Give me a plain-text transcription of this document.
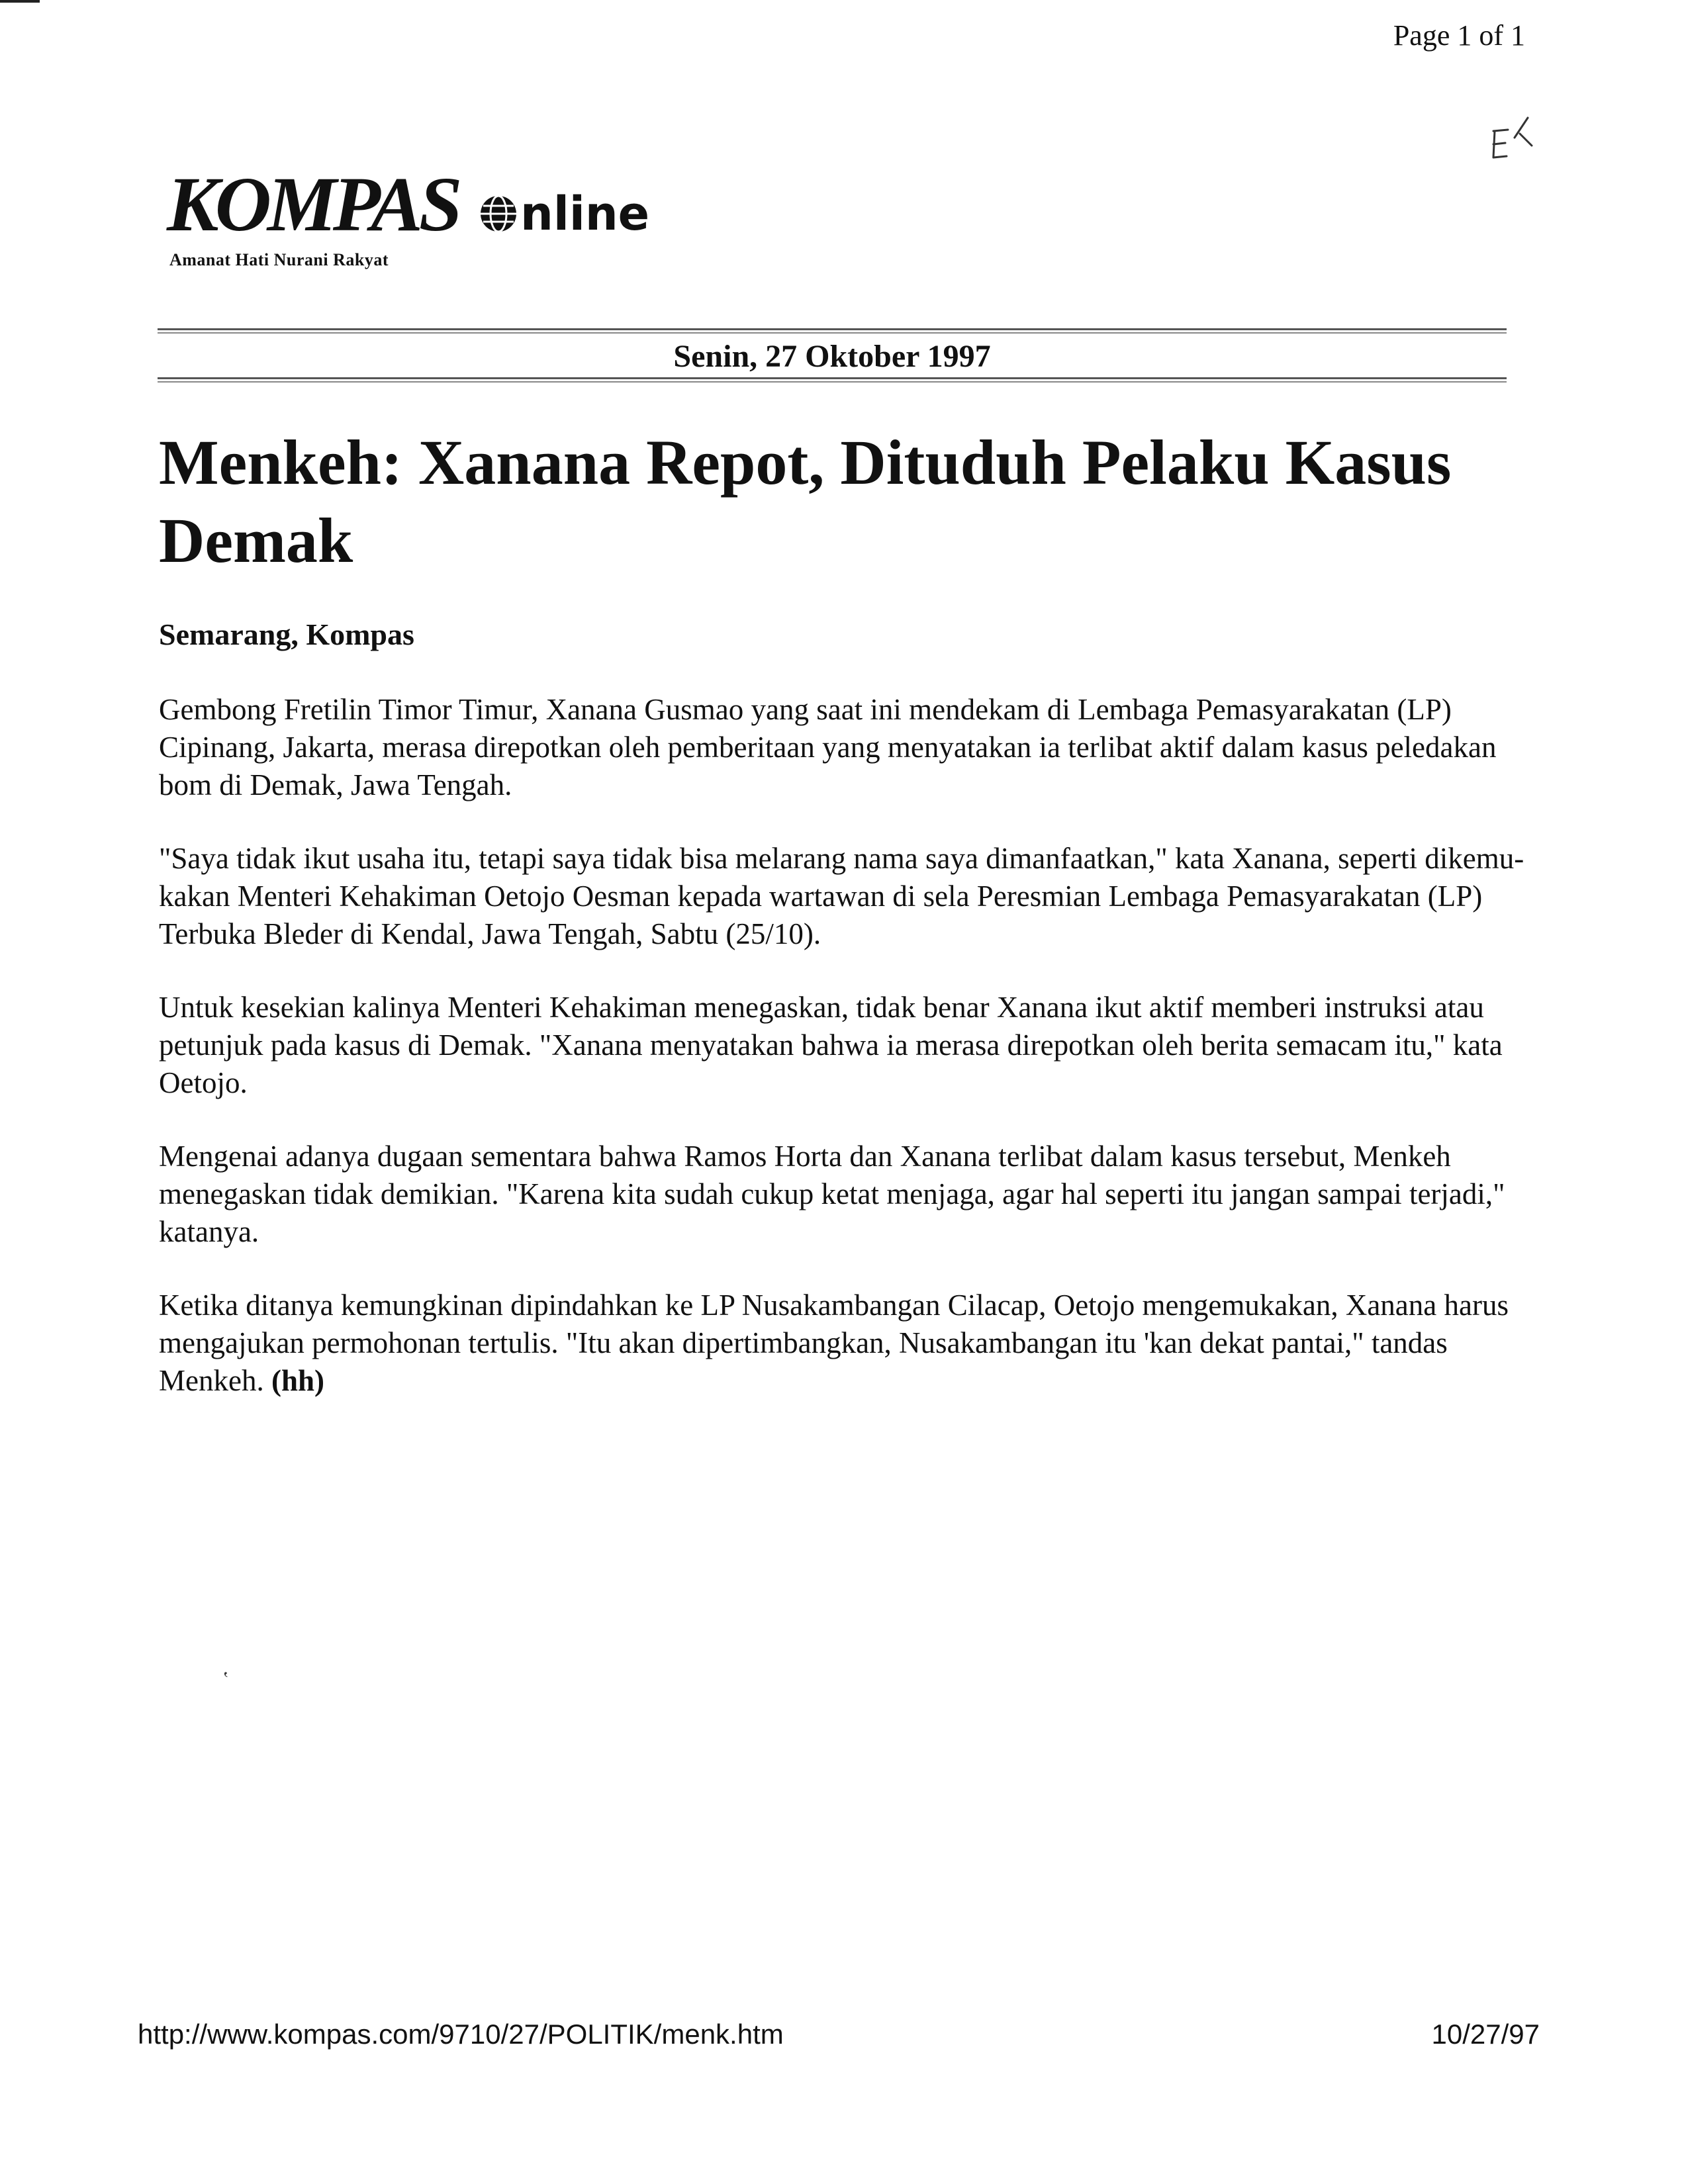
Page 1 of 1
KOMPAS nline
Amanat Hati Nurani Rakyat
Senin, 27 Oktober 1997
Menkeh: Xanana Repot, Dituduh Pelaku Kasus Demak
Semarang, Kompas

Gembong Fretilin Timor Timur, Xanana Gusmao yang saat ini mendekam di Lembaga Pemasyarakatan (LP) Cipinang, Jakarta, merasa direpotkan oleh pemberitaan yang menyatakan ia terlibat aktif dalam kasus peledakan bom di Demak, Jawa Tengah.

"Saya tidak ikut usaha itu, tetapi saya tidak bisa melarang nama saya dimanfaatkan," kata Xanana, seperti dikemu-kakan Menteri Kehakiman Oetojo Oesman kepada wartawan di sela Peresmian Lembaga Pemasyarakatan (LP) Terbuka Bleder di Kendal, Jawa Tengah, Sabtu (25/10).

Untuk kesekian kalinya Menteri Kehakiman menegaskan, tidak benar Xanana ikut aktif memberi instruksi atau petunjuk pada kasus di Demak. "Xanana menyatakan bahwa ia merasa direpotkan oleh berita semacam itu," kata Oetojo.

Mengenai adanya dugaan sementara bahwa Ramos Horta dan Xanana terlibat dalam kasus tersebut, Menkeh menegaskan tidak demikian. "Karena kita sudah cukup ketat menjaga, agar hal seperti itu jangan sampai terjadi," katanya.

Ketika ditanya kemungkinan dipindahkan ke LP Nusakambangan Cilacap, Oetojo mengemukakan, Xanana harus mengajukan permohonan tertulis. "Itu akan dipertimbangkan, Nusakambangan itu 'kan dekat pantai," tandas Menkeh. (hh)

‛
http://www.kompas.com/9710/27/POLITIK/menk.htm	10/27/97
